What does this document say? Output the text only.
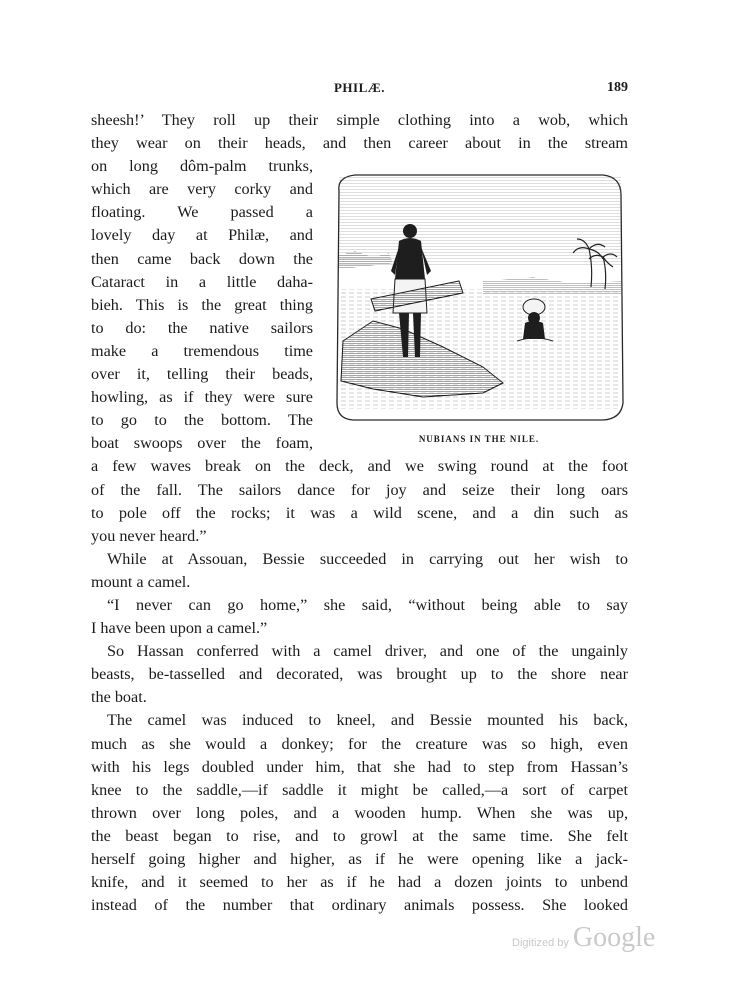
PHILÆ.	189
sheesh!’ They roll up their simple clothing into a wob, which
they wear on their heads, and then career about in the stream
on long dôm-palm trunks,
which are very corky and
floating. We passed a
lovely day at Philæ, and
then came back down the
Cataract in a little daha-
bieh. This is the great thing
to do: the native sailors
make a tremendous time
over it, telling their beads,
howling, as if they were sure
to go to the bottom. The
boat swoops over the foam,
a few waves break on the deck, and we swing round at the foot
of the fall. The sailors dance for joy and seize their long oars
to pole off the rocks; it was a wild scene, and a din such as
you never heard.”
While at Assouan, Bessie succeeded in carrying out her wish to
mount a camel.
“I never can go home,” she said, “without being able to say
I have been upon a camel.”
So Hassan conferred with a camel driver, and one of the ungainly
beasts, be-tasselled and decorated, was brought up to the shore near
the boat.
The camel was induced to kneel, and Bessie mounted his back,
much as she would a donkey; for the creature was so high, even
with his legs doubled under him, that she had to step from Hassan’s
knee to the saddle,—if saddle it might be called,—a sort of carpet
thrown over long poles, and a wooden hump. When she was up,
the beast began to rise, and to growl at the same time. She felt
herself going higher and higher, as if he were opening like a jack-
knife, and it seemed to her as if he had a dozen joints to unbend
instead of the number that ordinary animals possess. She looked
NUBIANS IN THE NILE.
Digitized by Google
